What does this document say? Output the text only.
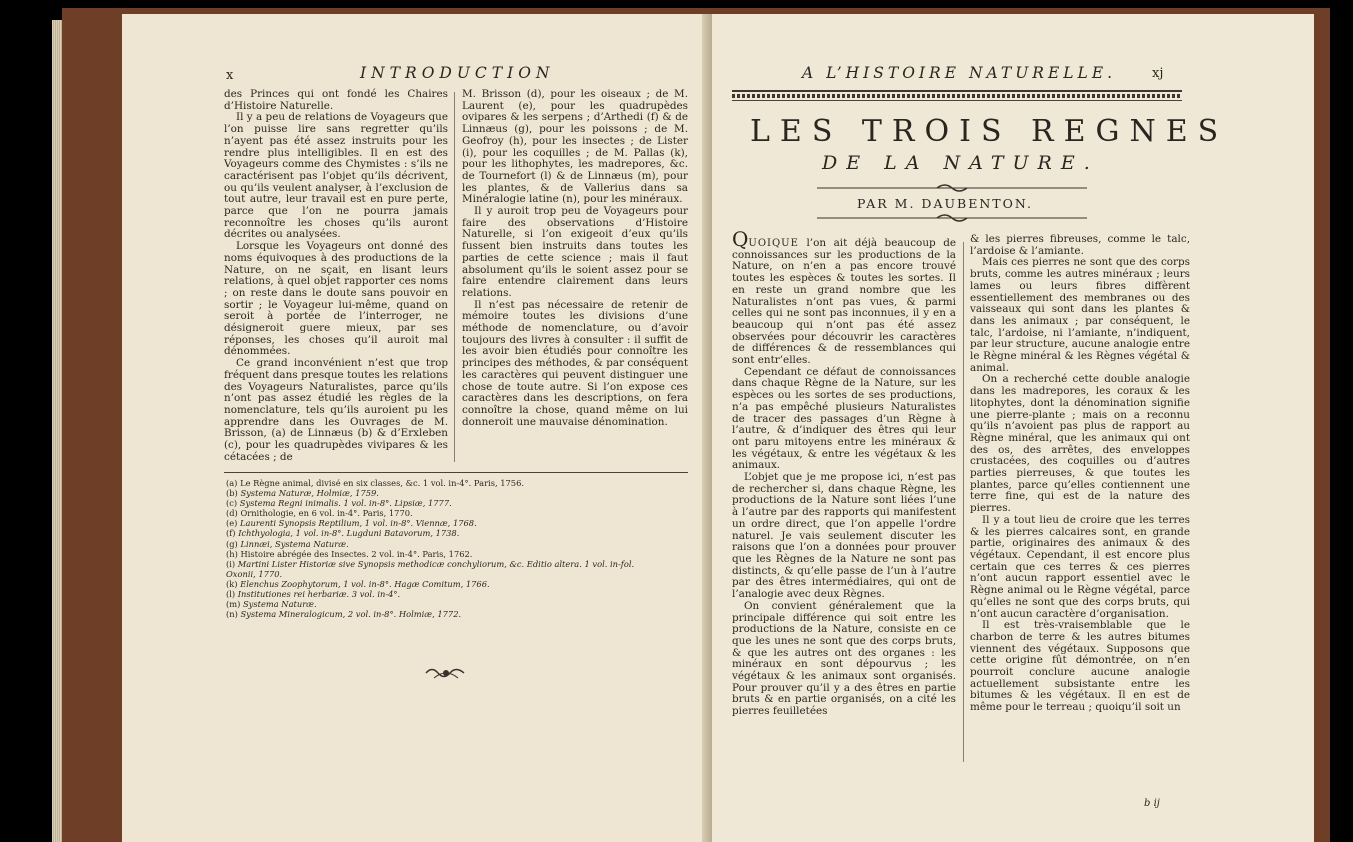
x	INTRODUCTION

des Princes qui ont fondé les Chaires d’Histoire Naturelle.

Il y a peu de relations de Voyageurs que l’on puisse lire sans regretter qu’ils n’ayent pas été assez instruits pour les rendre plus intelligibles. Il en est des Voyageurs comme des Chymistes : s’ils ne caractérisent pas l’objet qu’ils décrivent, ou qu’ils veulent analyser, à l’exclusion de tout autre, leur travail est en pure perte, parce que l’on ne pourra jamais reconnoître les choses qu’ils auront décrites ou analysées.

Lorsque les Voyageurs ont donné des noms équivoques à des productions de la Nature, on ne sçait, en lisant leurs relations, à quel objet rapporter ces noms ; on reste dans le doute sans pouvoir en sortir ; le Voyageur lui-même, quand on seroit à portée de l’interroger, ne désigneroit guere mieux, par ses réponses, les choses qu’il auroit mal dénommées.

Ce grand inconvénient n’est que trop fréquent dans presque toutes les relations des Voyageurs Naturalistes, parce qu’ils n’ont pas assez étudié les règles de la nomenclature, tels qu’ils auroient pu les apprendre dans les Ouvrages de M. Brisson, (a) de Linnæus (b) & d’Erxleben (c), pour les quadrupèdes vivipares & les cétacées ; de

M. Brisson (d), pour les oiseaux ; de M. Laurent (e), pour les quadrupèdes ovipares & les serpens ; d’Arthedi (f) & de Linnæus (g), pour les poissons ; de M. Geofroy (h), pour les insectes ; de Lister (i), pour les coquilles ; de M. Pallas (k), pour les lithophytes, les madrepores, &c. de Tournefort (l) & de Linnæus (m), pour les plantes, & de Vallerius dans sa Minéralogie latine (n), pour les minéraux.

Il y auroit trop peu de Voyageurs pour faire des observations d’Histoire Naturelle, si l’on exigeoit d’eux qu’ils fussent bien instruits dans toutes les parties de cette science ; mais il faut absolument qu’ils le soient assez pour se faire entendre clairement dans leurs relations.

Il n’est pas nécessaire de retenir de mémoire toutes les divisions d’une méthode de nomenclature, ou d’avoir toujours des livres à consulter : il suffit de les avoir bien étudiés pour connoître les principes des méthodes, & par conséquent les caractères qui peuvent distinguer une chose de toute autre. Si l’on expose ces caractères dans les descriptions, on fera connoître la chose, quand même on lui donneroit une mauvaise dénomination.

(a) Le Règne animal, divisé en six classes, &c. 1 vol. in-4°. Paris, 1756.
(b) Systema Naturæ, Holmiæ, 1759.
(c) Systema Regni inimalis. 1 vol. in-8°. Lipsiæ, 1777.
(d) Ornithologie, en 6 vol. in-4°. Paris, 1770.
(e) Laurenti Synopsis Reptilium, 1 vol. in-8°. Viennæ, 1768.
(f) Ichthyologia, 1 vol. in-8°. Lugduni Batavorum, 1738.
(g) Linnæi, Systema Naturæ.
(h) Histoire abrégée des Insectes. 2 vol. in-4°. Paris, 1762.
(i) Martini Lister Historiæ sive Synopsis methodicæ conchyliorum, &c. Editio altera. 1 vol. in-fol.
Oxonii, 1770.
(k) Elenchus Zoophytorum, 1 vol. in-8°. Hagæ Comitum, 1766.
(l) Institutiones rei herbariæ. 3 vol. in-4°.
(m) Systema Naturæ.
(n) Systema Mineralogicum, 2 vol. in-8°. Holmiæ, 1772.
A L’HISTOIRE NATURELLE.	xj
LES TROIS REGNES
DE LA NATURE.
PAR M. DAUBENTON.

QUOIQUE l’on ait déjà beaucoup de connoissances sur les productions de la Nature, on n’en a pas encore trouvé toutes les espèces & toutes les sortes. Il en reste un grand nombre que les Naturalistes n’ont pas vues, & parmi celles qui ne sont pas inconnues, il y en a beaucoup qui n’ont pas été assez observées pour découvrir les caractères de différences & de ressemblances qui sont entr’elles.

Cependant ce défaut de connoissances dans chaque Règne de la Nature, sur les espèces ou les sortes de ses productions, n’a pas empêché plusieurs Naturalistes de tracer des passages d’un Règne à l’autre, & d’indiquer des êtres qui leur ont paru mitoyens entre les minéraux & les végétaux, & entre les végétaux & les animaux.

L’objet que je me propose ici, n’est pas de rechercher si, dans chaque Règne, les productions de la Nature sont liées l’une à l’autre par des rapports qui manifestent un ordre direct, que l’on appelle l’ordre naturel. Je vais seulement discuter les raisons que l’on a données pour prouver que les Règnes de la Nature ne sont pas distincts, & qu’elle passe de l’un à l’autre par des êtres intermédiaires, qui ont de l’analogie avec deux Règnes.

On convient généralement que la principale différence qui soit entre les productions de la Nature, consiste en ce que les unes ne sont que des corps bruts, & que les autres ont des organes : les minéraux en sont dépourvus ; les végétaux & les animaux sont organisés. Pour prouver qu’il y a des êtres en partie bruts & en partie organisés, on a cité les pierres feuilletées

& les pierres fibreuses, comme le talc, l’ardoise & l’amiante.

Mais ces pierres ne sont que des corps bruts, comme les autres minéraux ; leurs lames ou leurs fibres diffèrent essentiellement des membranes ou des vaisseaux qui sont dans les plantes & dans les animaux ; par conséquent, le talc, l’ardoise, ni l’amiante, n’indiquent, par leur structure, aucune analogie entre le Règne minéral & les Règnes végétal & animal.

On a recherché cette double analogie dans les madrepores, les coraux & les litophytes, dont la dénomination signifie une pierre-plante ; mais on a reconnu qu’ils n’avoient pas plus de rapport au Règne minéral, que les animaux qui ont des os, des arrêtes, des enveloppes crustacées, des coquilles ou d’autres parties pierreuses, & que toutes les plantes, parce qu’elles contiennent une terre fine, qui est de la nature des pierres.

Il y a tout lieu de croire que les terres & les pierres calcaires sont, en grande partie, originaires des animaux & des végétaux. Cependant, il est encore plus certain que ces terres & ces pierres n’ont aucun rapport essentiel avec le Règne animal ou le Règne végétal, parce qu’elles ne sont que des corps bruts, qui n’ont aucun caractère d’organisation.

Il est très-vraisemblable que le charbon de terre & les autres bitumes viennent des végétaux. Supposons que cette origine fût démontrée, on n’en pourroit conclure aucune analogie actuellement subsistante entre les bitumes & les végétaux. Il en est de même pour le terreau ; quoiqu’il soit un

b ij
